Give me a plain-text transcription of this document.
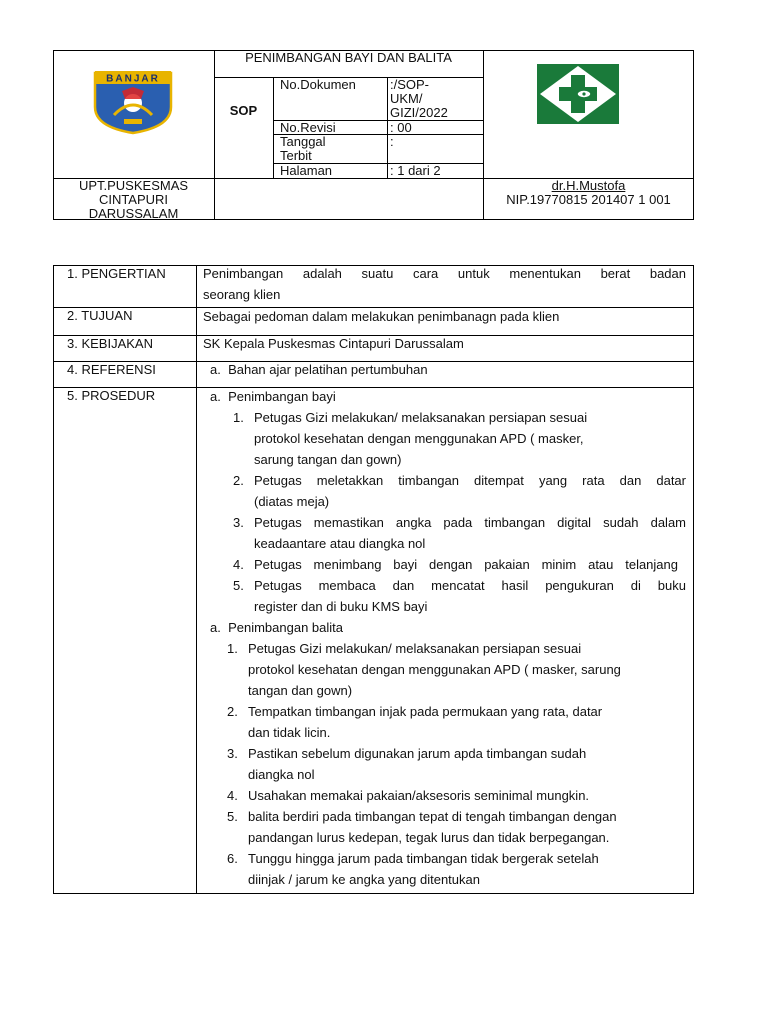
BANJAR
PENIMBANGAN BAYI DAN BALITA
SOP
No.Dokumen
No.Revisi
Tanggal
Terbit
Halaman
:/SOP-
UKM/
GIZI/2022
: 00
:
: 1 dari 2
UPT.PUSKESMAS
CINTAPURI
DARUSSALAM
dr.H.Mustofa
NIP.19770815 201407 1 001
1. PENGERTIAN
2. TUJUAN
3. KEBIJAKAN
4. REFERENSI
5. PROSEDUR
Penimbangan adalah suatu cara untuk menentukan berat badan
seorang klien
Sebagai pedoman dalam melakukan penimbanagn pada klien
SK Kepala Puskesmas Cintapuri Darussalam
a.  Bahan ajar pelatihan pertumbuhan
a.  Penimbangan bayi
1. Petugas Gizi melakukan/ melaksanakan persiapan sesuai
protokol kesehatan dengan menggunakan APD ( masker,
sarung tangan dan gown)
2. Petugas meletakkan timbangan ditempat yang rata dan datar
(diatas meja)
3. Petugas memastikan angka pada timbangan digital sudah dalam
keadaantare atau diangka nol
4. Petugas menimbang bayi dengan pakaian minim atau telanjang
5. Petugas membaca dan mencatat hasil pengukuran di buku
register dan di buku KMS bayi
a.  Penimbangan balita
1. Petugas Gizi melakukan/ melaksanakan persiapan sesuai
protokol kesehatan dengan menggunakan APD ( masker, sarung
tangan dan gown)
2. Tempatkan timbangan injak pada permukaan yang rata, datar
dan tidak licin.
3. Pastikan sebelum digunakan jarum apda timbangan sudah
diangka nol
4. Usahakan memakai pakaian/aksesoris seminimal mungkin.
5. balita berdiri pada timbangan tepat di tengah timbangan dengan
pandangan lurus kedepan, tegak lurus dan tidak berpegangan.
6. Tunggu hingga jarum pada timbangan tidak bergerak setelah
diinjak / jarum ke angka yang ditentukan
